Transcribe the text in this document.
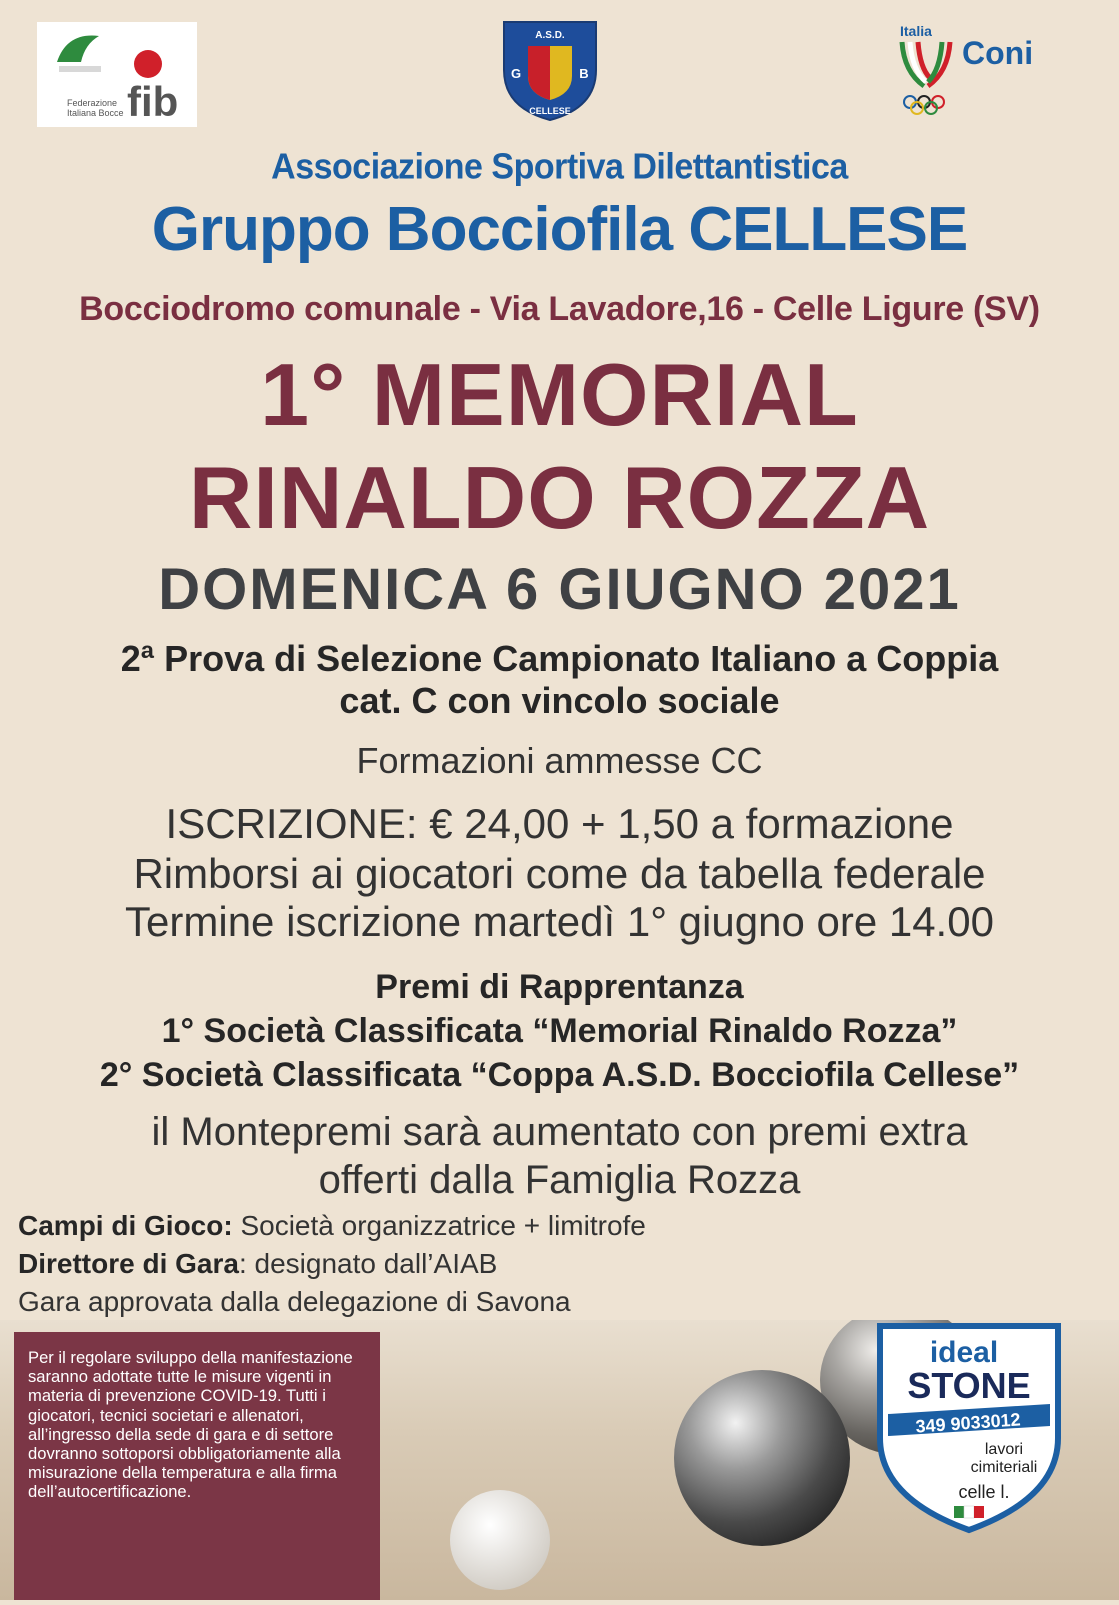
fib
Federazione
Italiana Bocce
A.S.D.
G	B
CELLESE
Italia
Coni
Associazione Sportiva Dilettantistica
Gruppo Bocciofila CELLESE
Bocciodromo comunale - Via Lavadore,16 - Celle Ligure (SV)
1° MEMORIAL
RINALDO ROZZA
DOMENICA 6 GIUGNO 2021
2ª Prova di Selezione Campionato Italiano a Coppia
cat. C con vincolo sociale
Formazioni ammesse CC
ISCRIZIONE: € 24,00 + 1,50 a formazione
Rimborsi ai giocatori come da tabella federale
Termine iscrizione martedì 1° giugno ore 14.00
Premi di Rapprentanza
1° Società Classificata “Memorial Rinaldo Rozza”
2° Società Classificata “Coppa A.S.D. Bocciofila Cellese”
il Montepremi sarà aumentato con premi extra
offerti dalla Famiglia Rozza
Campi di Gioco: Società organizzatrice + limitrofe
Direttore di Gara: designato dall’AIAB
Gara approvata dalla delegazione di Savona
Per il regolare sviluppo della manifestazione saranno adottate tutte le misure vigenti in materia di prevenzione COVID-19. Tutti i giocatori, tecnici societari e allenatori, all’ingresso della sede di gara e di settore dovranno sottoporsi obbligatoriamente alla misurazione della temperatura e alla firma dell’autocertificazione.
ideal
STONE
349 9033012
lavori
cimiteriali
celle l.
